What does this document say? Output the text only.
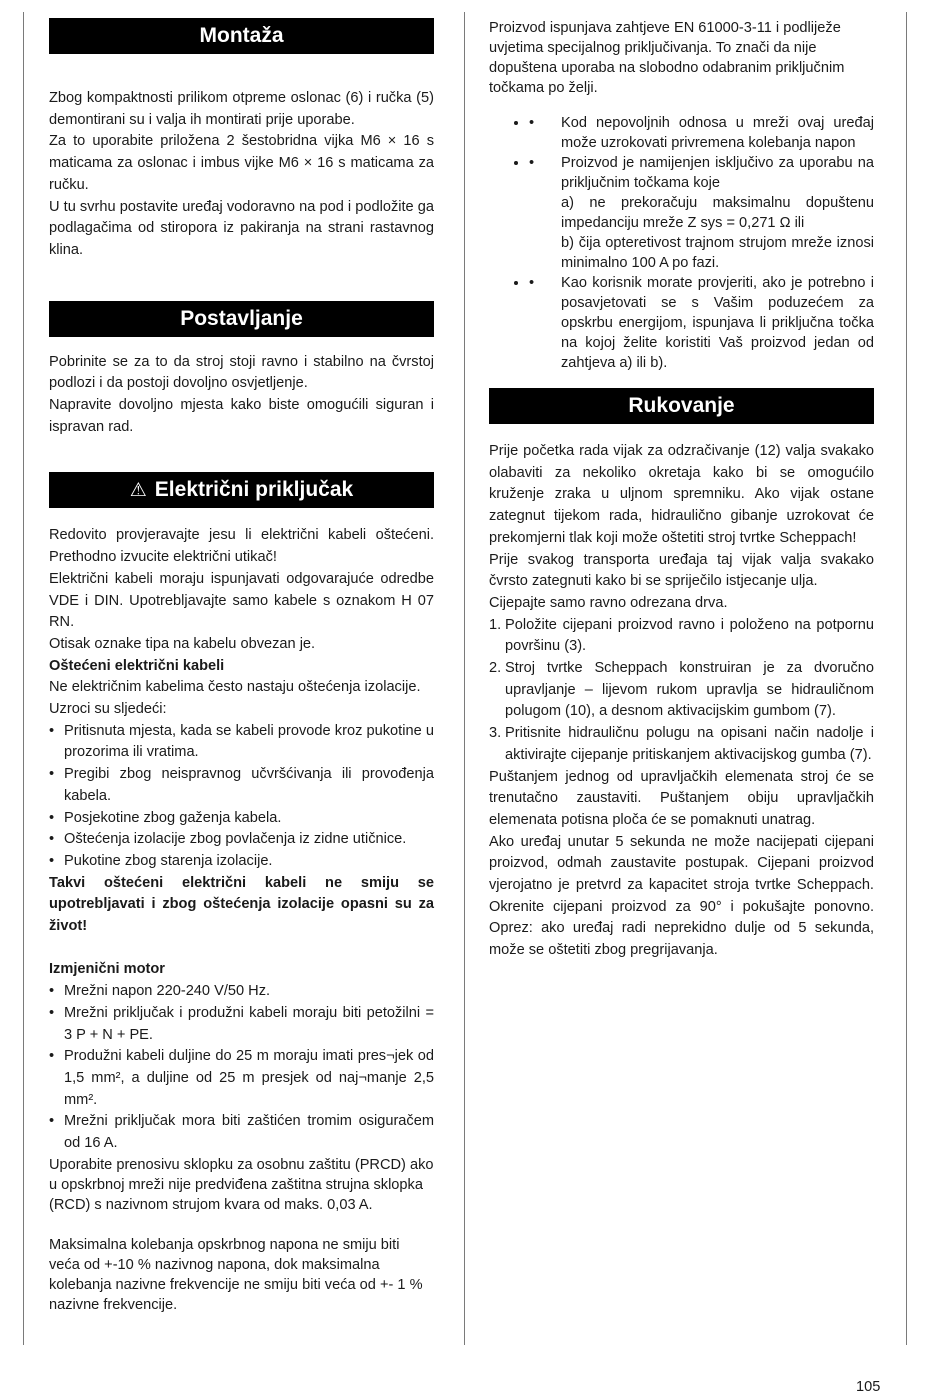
Montaža

Zbog kompaktnosti prilikom otpreme oslonac (6) i ručka (5) demontirani su i valja ih montirati prije uporabe.

Za to uporabite priložena 2 šestobridna vijka M6 × 16 s maticama za oslonac i imbus vijke M6 × 16 s maticama za ručku.

U tu svrhu postavite uređaj vodoravno na pod i podložite ga podlagačima od stiropora iz pakiranja na strani rastavnog klina.

Postavljanje

Pobrinite se za to da stroj stoji ravno i stabilno na čvrstoj podlozi i da postoji dovoljno osvjetljenje.

Napravite dovoljno mjesta kako biste omogućili siguran i ispravan rad.

⚠ Električni priključak

Redovito provjeravajte jesu li električni kabeli oštećeni. Prethodno izvucite električni utikač!

Električni kabeli moraju ispunjavati odgovarajuće odredbe VDE i DIN. Upotrebljavajte samo kabele s oznakom H 07 RN.

Otisak oznake tipa na kabelu obvezan je.

Oštećeni električni kabeli

Ne električnim kabelima često nastaju oštećenja izolacije.

Uzroci su sljedeći:

• Pritisnuta mjesta, kada se kabeli provode kroz pukotine u prozorima ili vratima.
• Pregibi zbog neispravnog učvršćivanja ili provođenja kabela.
• Posjekotine zbog gaženja kabela.
• Oštećenja izolacije zbog povlačenja iz zidne utičnice.
• Pukotine zbog starenja izolacije.

Takvi oštećeni električni kabeli ne smiju se upotrebljavati i zbog oštećenja izolacije opasni su za život!

Izmjenični motor

• Mrežni napon 220-240 V/50 Hz.
• Mrežni priključak i produžni kabeli moraju biti petožilni = 3 P + N + PE.
• Produžni kabeli duljine do 25 m moraju imati pres¬jek od 1,5 mm², a duljine od 25 m presjek od naj¬manje 2,5 mm².
• Mrežni priključak mora biti zaštićen tromim osiguračem od 16 A.

Uporabite prenosivu sklopku za osobnu zaštitu (PRCD) ako u opskrbnoj mreži nije predviđena zaštitna strujna sklopka (RCD) s nazivnom strujom kvara od maks. 0,03 A.

Maksimalna kolebanja opskrbnog napona ne smiju biti veća od +-10 % nazivnog napona, dok maksimalna kolebanja nazivne frekvencije ne smiju biti veća od +- 1 % nazivne frekvencije.

Proizvod ispunjava zahtjeve EN 61000-3-11 i podliježe uvjetima specijalnog priključivanja. To znači da nije dopuštena uporaba na slobodno odabranim priključnim točkama po želji.

• • Kod nepovoljnih odnosa u mreži ovaj uređaj može uzrokovati privremena kolebanja napon
• • Proizvod je namijenjen isključivo za uporabu na priključnim točkama koje
a) ne prekoračuju maksimalnu dopuštenu impedanciju mreže Z sys = 0,271 Ω ili
b) čija opteretivost trajnom strujom mreže iznosi minimalno 100 A po fazi.
• • Kao korisnik morate provjeriti, ako je potrebno i posavjetovati se s Vašim poduzećem za opskrbu energijom, ispunjava li priključna točka na kojoj želite koristiti Vaš proizvod jedan od zahtjeva a) ili b).
Rukovanje

Prije početka rada vijak za odzračivanje (12) valja svakako olabaviti za nekoliko okretaja kako bi se omogućilo kruženje zraka u uljnom spremniku. Ako vijak ostane zategnut tijekom rada, hidraulično gibanje uzrokovat će prekomjerni tlak koji može oštetiti stroj tvrtke Scheppach!

Prije svakog transporta uređaja taj vijak valja svakako čvrsto zategnuti kako bi se spriječilo istjecanje ulja.

Cijepajte samo ravno odrezana drva.

1. Položite cijepani proizvod ravno i položeno na potpornu površinu (3).
2. Stroj tvrtke Scheppach konstruiran je za dvoručno upravljanje – lijevom rukom upravlja se hidrauličnom polugom (10), a desnom aktivacijskim gumbom (7).
3. Pritisnite hidrauličnu polugu na opisani način nadolje i aktivirajte cijepanje pritiskanjem aktivacijskog gumba (7).

Puštanjem jednog od upravljačkih elemenata stroj će se trenutačno zaustaviti. Puštanjem obiju upravljačkih elemenata potisna ploča će se pomaknuti unatrag.

Ako uređaj unutar 5 sekunda ne može nacijepati cijepani proizvod, odmah zaustavite postupak. Cijepani proizvod vjerojatno je pretvrd za kapacitet stroja tvrtke Scheppach. Okrenite cijepani proizvod za 90° i pokušajte ponovno. Oprez: ako uređaj radi neprekidno dulje od 5 sekunda, može se oštetiti zbog pregrijavanja.

105
